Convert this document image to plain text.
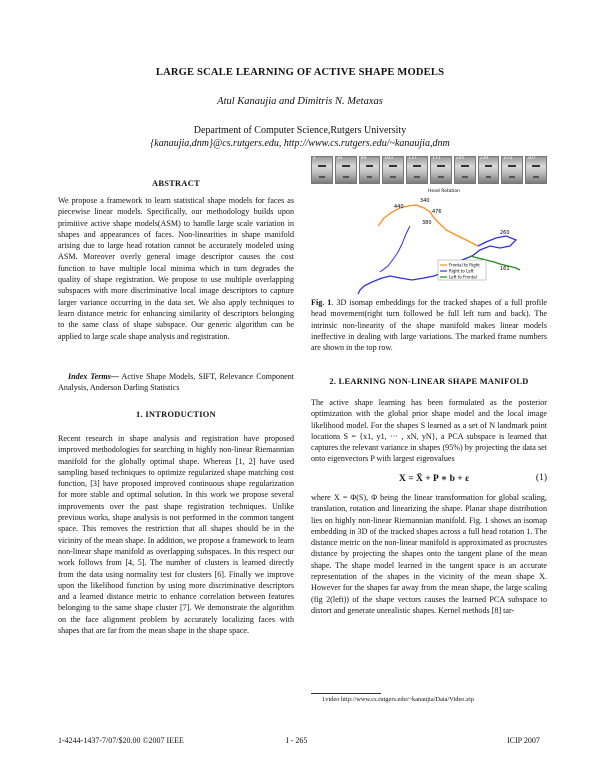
LARGE SCALE LEARNING OF ACTIVE SHAPE MODELS
Atul Kanaujia and Dimitris N. Metaxas
Department of Computer Science,Rutgers University
{kanaujia,dnm}@cs.rutgers.edu, http://www.cs.rutgers.edu/~kanaujia,dnm
ABSTRACT
We propose a framework to learn statistical shape models for faces as piecewise linear models. Specifically, our methodology builds upon primitive active shape models(ASM) to handle large scale variation in shapes and appearances of faces. Non-linearities in shape manifold arising due to large head rotation cannot be accurately modeled using ASM. Moreover overly general image descriptor causes the cost function to have multiple local minima which in turn degrades the quality of shape registration. We propose to use multiple overlapping subspaces with more discriminative local image descriptors to capture larger variance occurring in the data set. We also apply techniques to learn distance metric for enhancing similarity of descriptors belonging to the same class of shape subspace. Our generic algorithm can be applied to large scale shape analysis and registration.
Index Terms— Active Shape Models, SIFT, Relevance Component Analysis, Anderson Darling Statistics
1. INTRODUCTION
Recent research in shape analysis and registration have proposed improved methodologies for searching in highly non-linear Riemannian manifold for the globally optimal shape. Whereas [1, 2] have used sampling based techniques to optimize regularized shape matching cost function, [3] have proposed improved continuous shape regularization for more stable and optimal solution. In this work we propose several improvements over the past shape registration techniques. Unlike previous works, shape analysis is not performed in the common tangent space. This removes the restriction that all shapes should be in the vicinity of the mean shape. In addition, we propose a framework to learn non-linear shape manifold as overlapping subspaces. In this respect our work follows from [4, 5]. The number of clusters is learned directly from the data using normality test for clusters [6]. Finally we improve upon the likelihood function by using more discriminative descriptors and a learned distance metric to enhance correlation between features belonging to the same shape cluster [7]. We demonstrate the algorithm on the face alignment problem by accurately localizing faces with shapes that are far from the mean shape in the shape space.
1	35	69	103	137	171	205	239	273	307
Head Rotation
440
340
476
380
260
161
Frontal to Right
Right to Left
Left to Frontal
Fig. 1. 3D isomap embeddings for the tracked shapes of a full profile head movement(right turn followed be full left turn and back). The intrinsic non-linearity of the shape manifold makes linear models ineffective in dealing with large variations. The marked frame numbers are shown in the top row.
2. LEARNING NON-LINEAR SHAPE MANIFOLD
The active shape learning has been formulated as the posterior optimization with the global prior shape model and the local image likelihood model. For the shapes S learned as a set of N landmark point locations S = {x1, y1, ··· , xN, yN}, a PCA subspace is learned that captures the relevant variance in shapes (95%) by projecting the data set onto eigenvectors P with largest eigenvalues
X = X̄ + P ∗ b + ε	(1)
where X = Φ(S), Φ being the linear transformation for global scaling, translation, rotation and linearizing the shape. Planar shape distribution lies on highly non-linear Riemannian manifold. Fig. 1 shows an isomap embedding in 3D of the tracked shapes across a full head rotation 1. The distance metric on the non-linear manifold is approximated as procrustes distance by projecting the shapes onto the tangent plane of the mean shape. The shape model learned in the tangent space is an accurate representation of the shapes in the vicinity of the mean shape X. However for the shapes far away from the mean shape, the large scaling (fig 2(left)) of the shape vectors causes the learned PCA subspace to distort and generate unrealistic shapes. Kernel methods [8] tar-
1video http://www.cs.rutgers.edu/~kanaujia/Data/Video.zip
1-4244-1437-7/07/$20.00 ©2007 IEEE	I - 265	ICIP 2007
